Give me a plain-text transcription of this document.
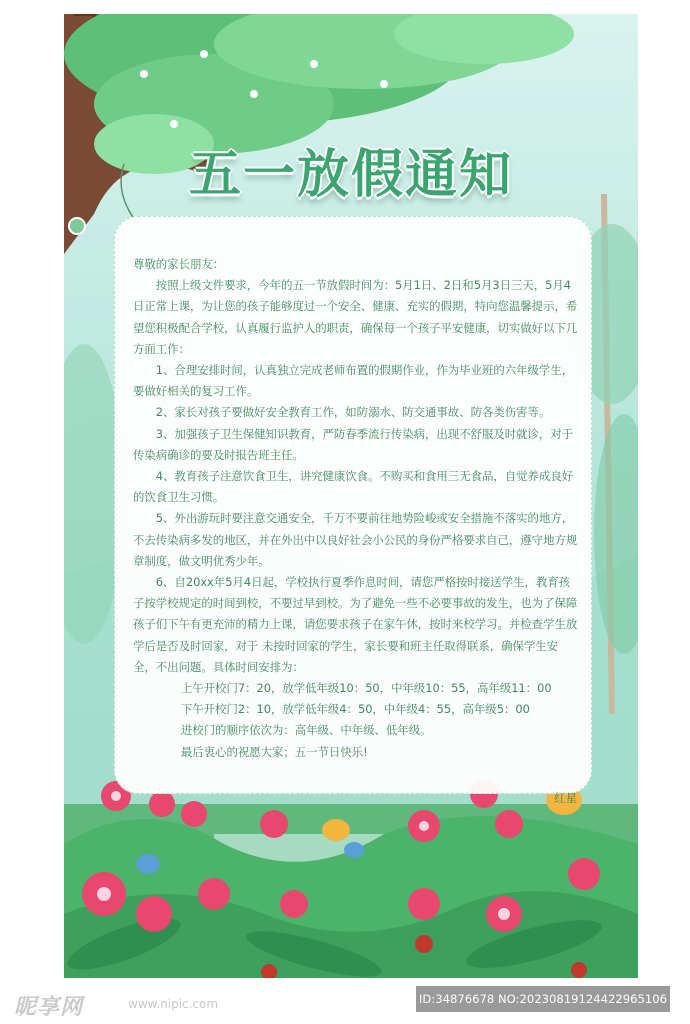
五一放假通知

尊敬的家长朋友：

按照上级文件要求，今年的五一节放假时间为：5月1日、2日和5月3日三天，5月4日正常上课，为让您的孩子能够度过一个安全、健康、充实的假期，特向您温馨提示，希望您积极配合学校，认真履行监护人的职责，确保每一个孩子平安健康，切实做好以下几方面工作：

1、合理安排时间，认真独立完成老师布置的假期作业，作为毕业班的六年级学生，要做好相关的复习工作。

2、家长对孩子要做好安全教育工作，如防溺水、防交通事故、防各类伤害等。

3、加强孩子卫生保健知识教育，严防春季流行传染病，出现不舒服及时就诊，对于传染病确诊的要及时报告班主任。

4、教育孩子注意饮食卫生，讲究健康饮食。不购买和食用三无食品，自觉养成良好的饮食卫生习惯。

5、外出游玩时要注意交通安全，千万不要前往地势险峻或安全措施不落实的地方，不去传染病多发的地区，并在外出中以良好社会小公民的身份严格要求自己，遵守地方规章制度，做文明优秀少年。

6、自20xx年5月4日起，学校执行夏季作息时间，请您严格按时接送学生，教育孩子按学校规定的时间到校，不要过早到校。为了避免一些不必要事故的发生，也为了保障孩子们下午有更充沛的精力上课，请您要求孩子在家午休，按时来校学习。并检查学生放学后是否及时回家，对于 未按时回家的学生，家长要和班主任取得联系，确保学生安全，不出问题。具体时间安排为：

上午开校门7：20，放学低年级10：50，中年级10：55，高年级11：00

下午开校门2：10，放学低年级4：50，中年级4：55，高年级5：00

进校门的顺序依次为：高年级、中年级、低年级。

最后衷心的祝愿大家；五一节日快乐!

红星
昵享网	www.nipic.com	ID:34876678 NO:20230819124422965106
